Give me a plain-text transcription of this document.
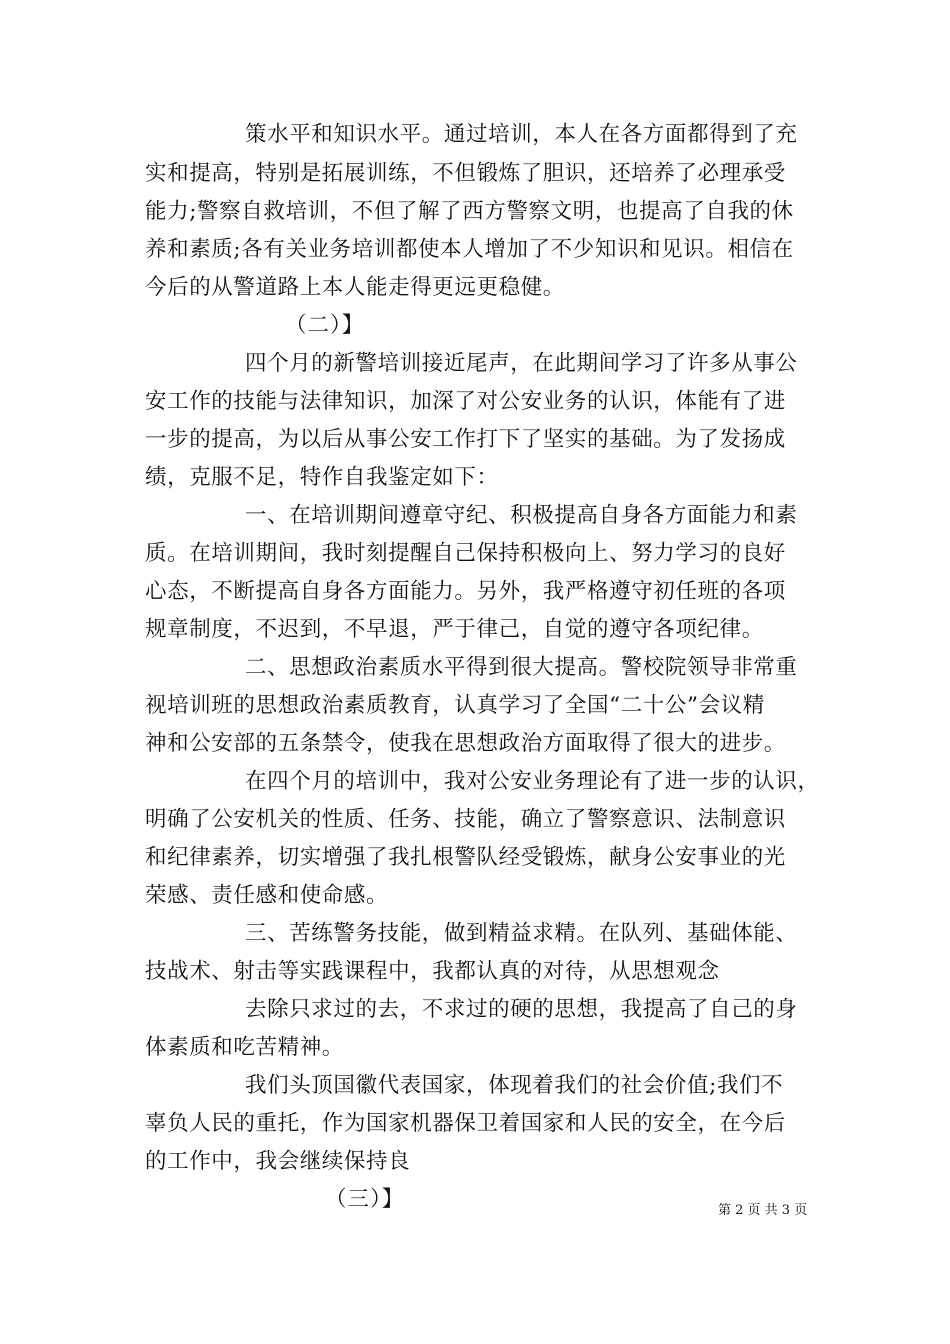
策水平和知识水平。通过培训，本人在各方面都得到了充
实和提高，特别是拓展训练，不但锻炼了胆识，还培养了必理承受
能力;警察自救培训，不但了解了西方警察文明，也提高了自我的休
养和素质;各有关业务培训都使本人增加了不少知识和见识。相信在
今后的从警道路上本人能走得更远更稳健。
（二）】
四个月的新警培训接近尾声，在此期间学习了许多从事公
安工作的技能与法律知识，加深了对公安业务的认识，体能有了进
一步的提高，为以后从事公安工作打下了坚实的基础。为了发扬成
绩，克服不足，特作自我鉴定如下：
一、在培训期间遵章守纪、积极提高自身各方面能力和素
质。在培训期间，我时刻提醒自己保持积极向上、努力学习的良好
心态，不断提高自身各方面能力。另外，我严格遵守初任班的各项
规章制度，不迟到，不早退，严于律己，自觉的遵守各项纪律。
二、思想政治素质水平得到很大提高。警校院领导非常重
视培训班的思想政治素质教育，认真学习了全国“二十公”会议精
神和公安部的五条禁令，使我在思想政治方面取得了很大的进步。
在四个月的培训中，我对公安业务理论有了进一步的认识，
明确了公安机关的性质、任务、技能，确立了警察意识、法制意识
和纪律素养，切实增强了我扎根警队经受锻炼，献身公安事业的光
荣感、责任感和使命感。
三、苦练警务技能，做到精益求精。在队列、基础体能、
技战术、射击等实践课程中，我都认真的对待，从思想观念
去除只求过的去，不求过的硬的思想，我提高了自己的身
体素质和吃苦精神。
我们头顶国徽代表国家，体现着我们的社会价值;我们不
辜负人民的重托，作为国家机器保卫着国家和人民的安全，在今后
的工作中，我会继续保持良
（三）】	第 2 页 共 3 页
